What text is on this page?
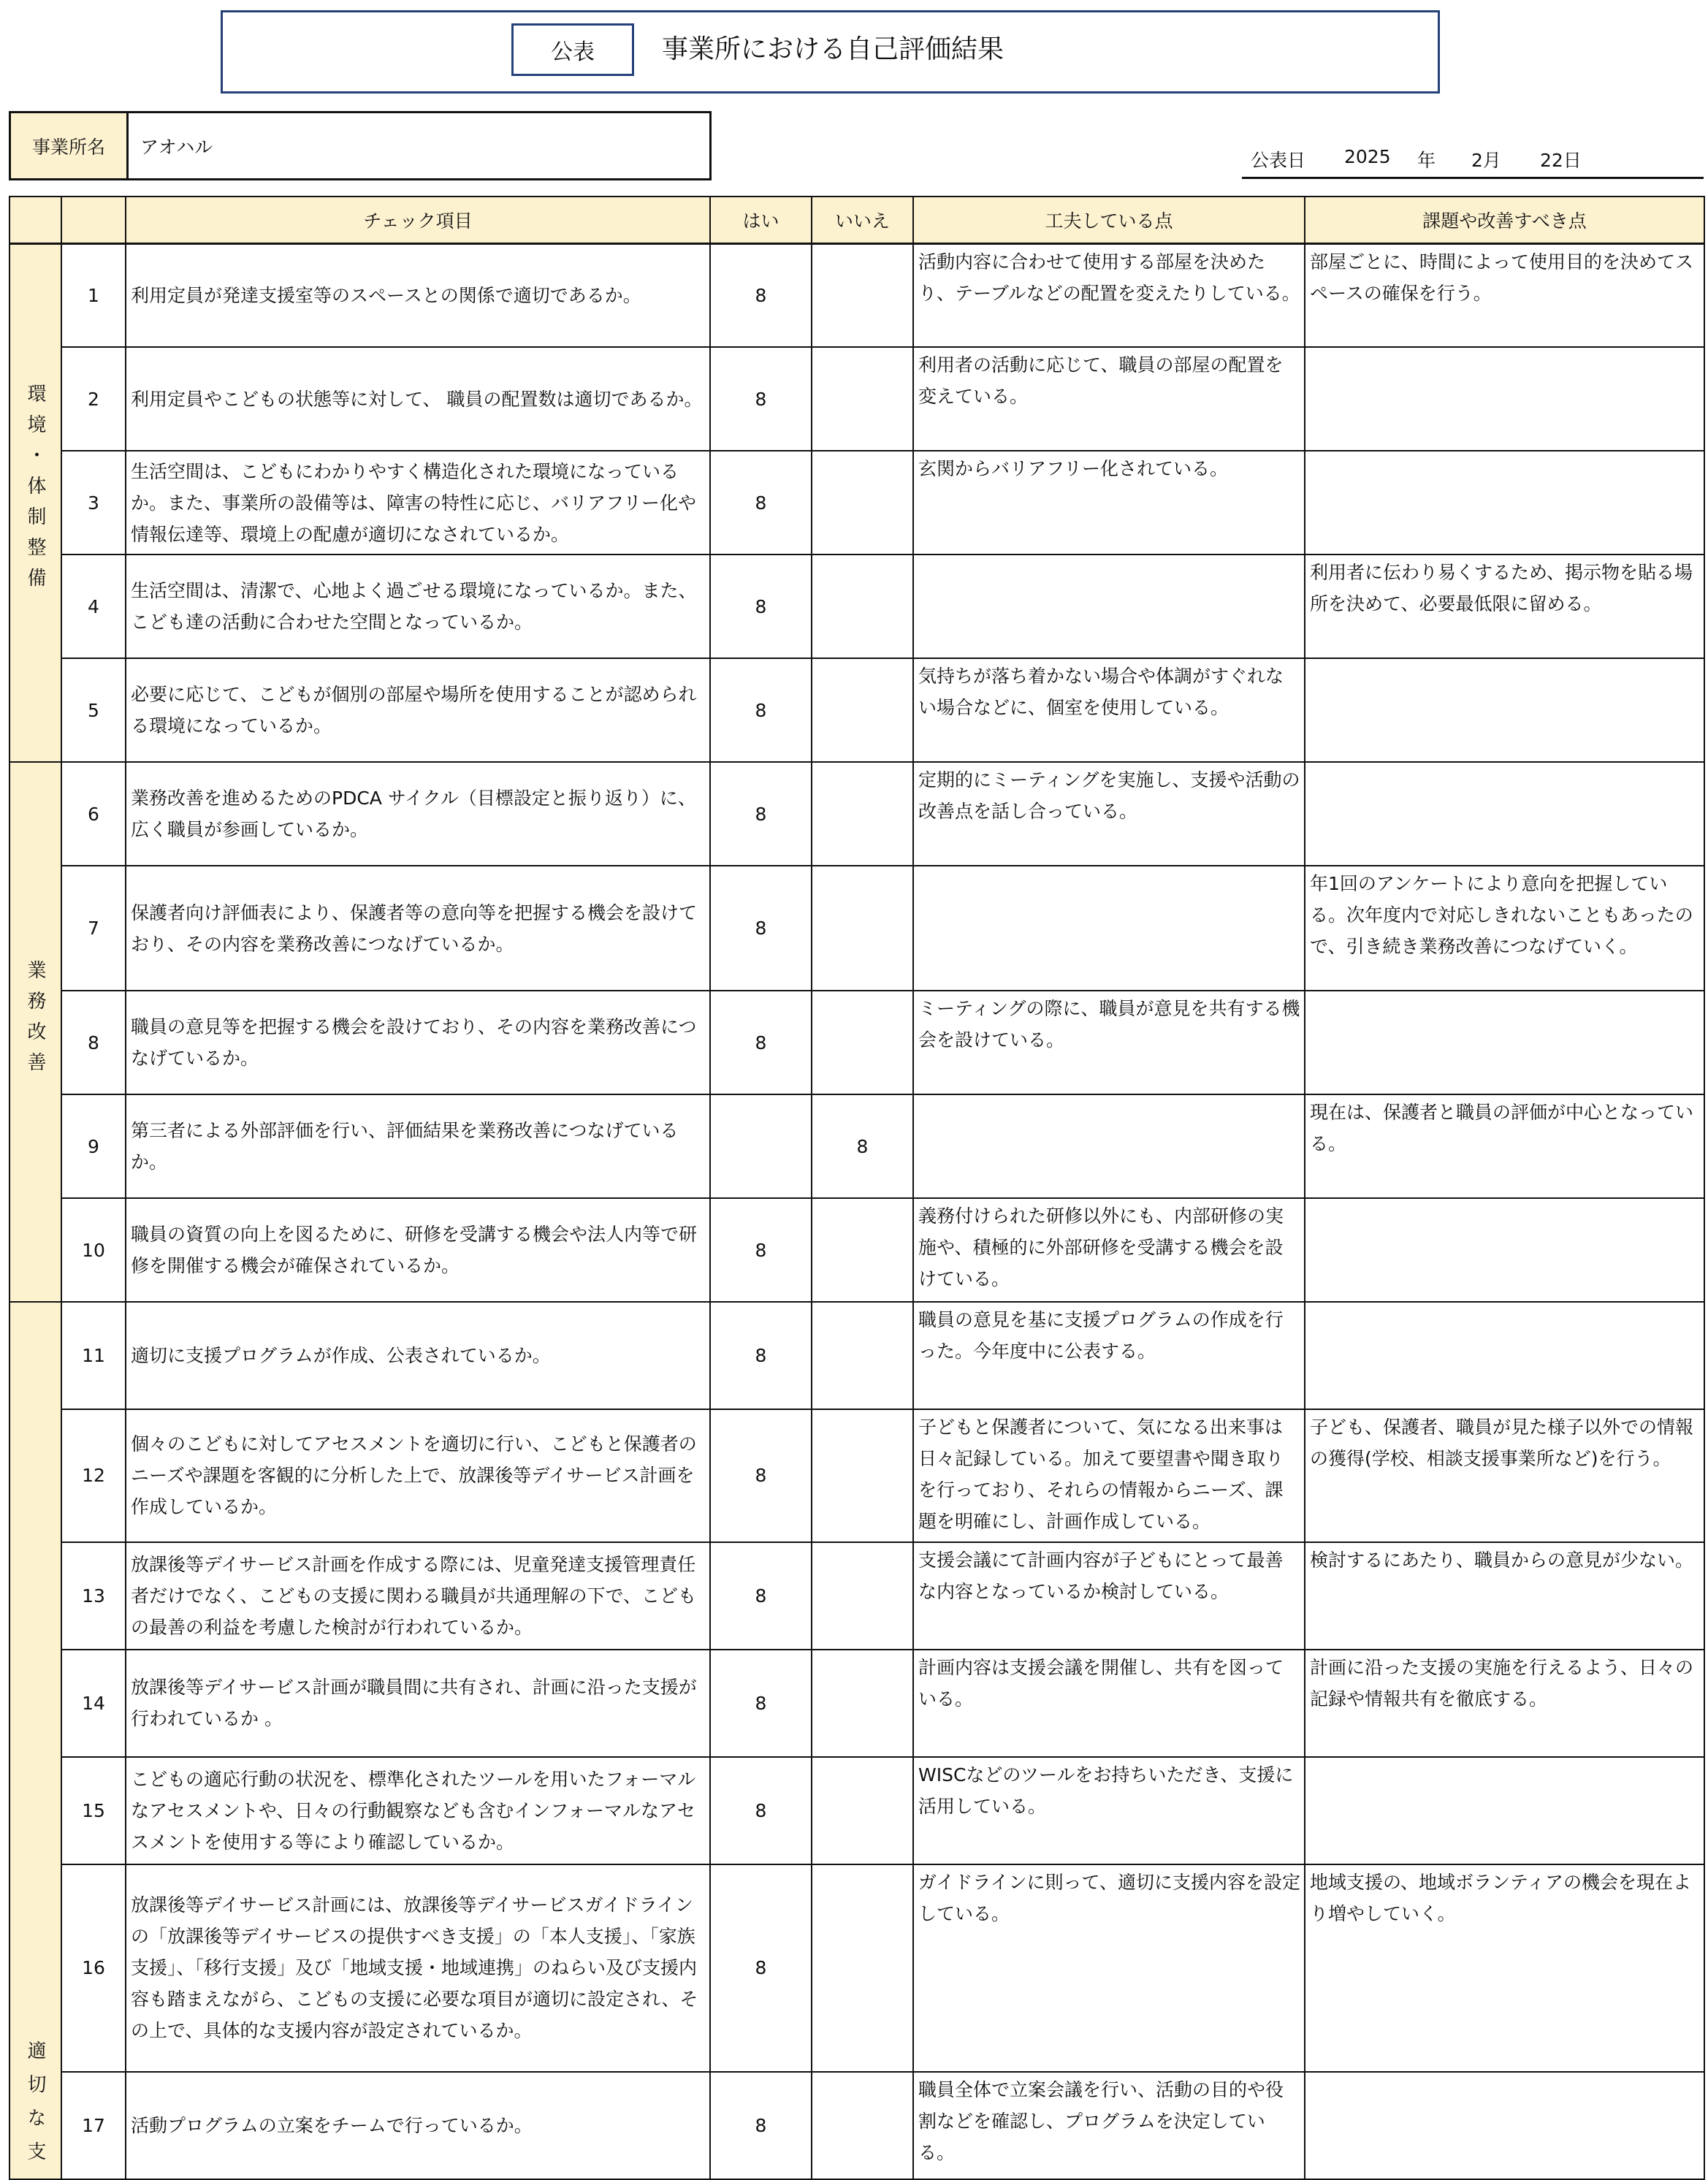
公表	事業所における自己評価結果
事業所名	アオハル
公表日 2025 年 2月 22日
		チェック項目	はい	いいえ	工夫している点	課題や改善すべき点
環境・体制整備	1	利用定員が発達支援室等のスペースとの関係で適切であるか。	8		活動内容に合わせて使用する部屋を決めたり、テーブルなどの配置を変えたりしている。	部屋ごとに、時間によって使用目的を決めてスペースの確保を行う。
	2	利用定員やこどもの状態等に対して、 職員の配置数は適切であるか。	8		利用者の活動に応じて、職員の部屋の配置を変えている。	
	3	生活空間は、こどもにわかりやすく構造化された環境になっているか。また、事業所の設備等は、障害の特性に応じ、バリアフリー化や情報伝達等、環境上の配慮が適切になされているか。	8		玄関からバリアフリー化されている。	
	4	生活空間は、清潔で、心地よく過ごせる環境になっているか。また、こども達の活動に合わせた空間となっているか。	8			利用者に伝わり易くするため、掲示物を貼る場所を決めて、必要最低限に留める。
	5	必要に応じて、こどもが個別の部屋や場所を使用することが認められる環境になっているか。	8		気持ちが落ち着かない場合や体調がすぐれない場合などに、個室を使用している。	
業務改善	6	業務改善を進めるためのPDCA サイクル（目標設定と振り返り）に、広く職員が参画しているか。	8		定期的にミーティングを実施し、支援や活動の改善点を話し合っている。	
	7	保護者向け評価表により、保護者等の意向等を把握する機会を設けており、その内容を業務改善につなげているか。	8			年1回のアンケートにより意向を把握している。次年度内で対応しきれないこともあったので、引き続き業務改善につなげていく。
	8	職員の意見等を把握する機会を設けており、その内容を業務改善につなげているか。	8		ミーティングの際に、職員が意見を共有する機会を設けている。	
	9	第三者による外部評価を行い、評価結果を業務改善につなげているか。		8		現在は、保護者と職員の評価が中心となっている。
	10	職員の資質の向上を図るために、研修を受講する機会や法人内等で研修を開催する機会が確保されているか。	8		義務付けられた研修以外にも、内部研修の実施や、積極的に外部研修を受講する機会を設けている。	
適切な支	11	適切に支援プログラムが作成、公表されているか。	8		職員の意見を基に支援プログラムの作成を行った。今年度中に公表する。	
	12	個々のこどもに対してアセスメントを適切に行い、こどもと保護者のニーズや課題を客観的に分析した上で、放課後等デイサービス計画を作成しているか。	8		子どもと保護者について、気になる出来事は日々記録している。加えて要望書や聞き取りを行っており、それらの情報からニーズ、課題を明確にし、計画作成している。	子ども、保護者、職員が見た様子以外での情報の獲得(学校、相談支援事業所など)を行う。
	13	放課後等デイサービス計画を作成する際には、児童発達支援管理責任者だけでなく、こどもの支援に関わる職員が共通理解の下で、こどもの最善の利益を考慮した検討が行われているか。	8		支援会議にて計画内容が子どもにとって最善な内容となっているか検討している。	検討するにあたり、職員からの意見が少ない。
	14	放課後等デイサービス計画が職員間に共有され、計画に沿った支援が行われているか 。	8		計画内容は支援会議を開催し、共有を図っている。	計画に沿った支援の実施を行えるよう、日々の記録や情報共有を徹底する。
	15	こどもの適応行動の状況を、標準化されたツールを用いたフォーマルなアセスメントや、日々の行動観察なども含むインフォーマルなアセスメントを使用する等により確認しているか。	8		WISCなどのツールをお持ちいただき、支援に活用している。	
	16	放課後等デイサービス計画には、放課後等デイサービスガイドラインの「放課後等デイサービスの提供すべき支援」の「本人支援」、「家族支援」、「移行支援」及び「地域支援・地域連携」のねらい及び支援内容も踏まえながら、こどもの支援に必要な項目が適切に設定され、その上で、具体的な支援内容が設定されているか。	8		ガイドラインに則って、適切に支援内容を設定している。	地域支援の、地域ボランティアの機会を現在より増やしていく。
	17	活動プログラムの立案をチームで行っているか。	8		職員全体で立案会議を行い、活動の目的や役割などを確認し、プログラムを決定している。	
